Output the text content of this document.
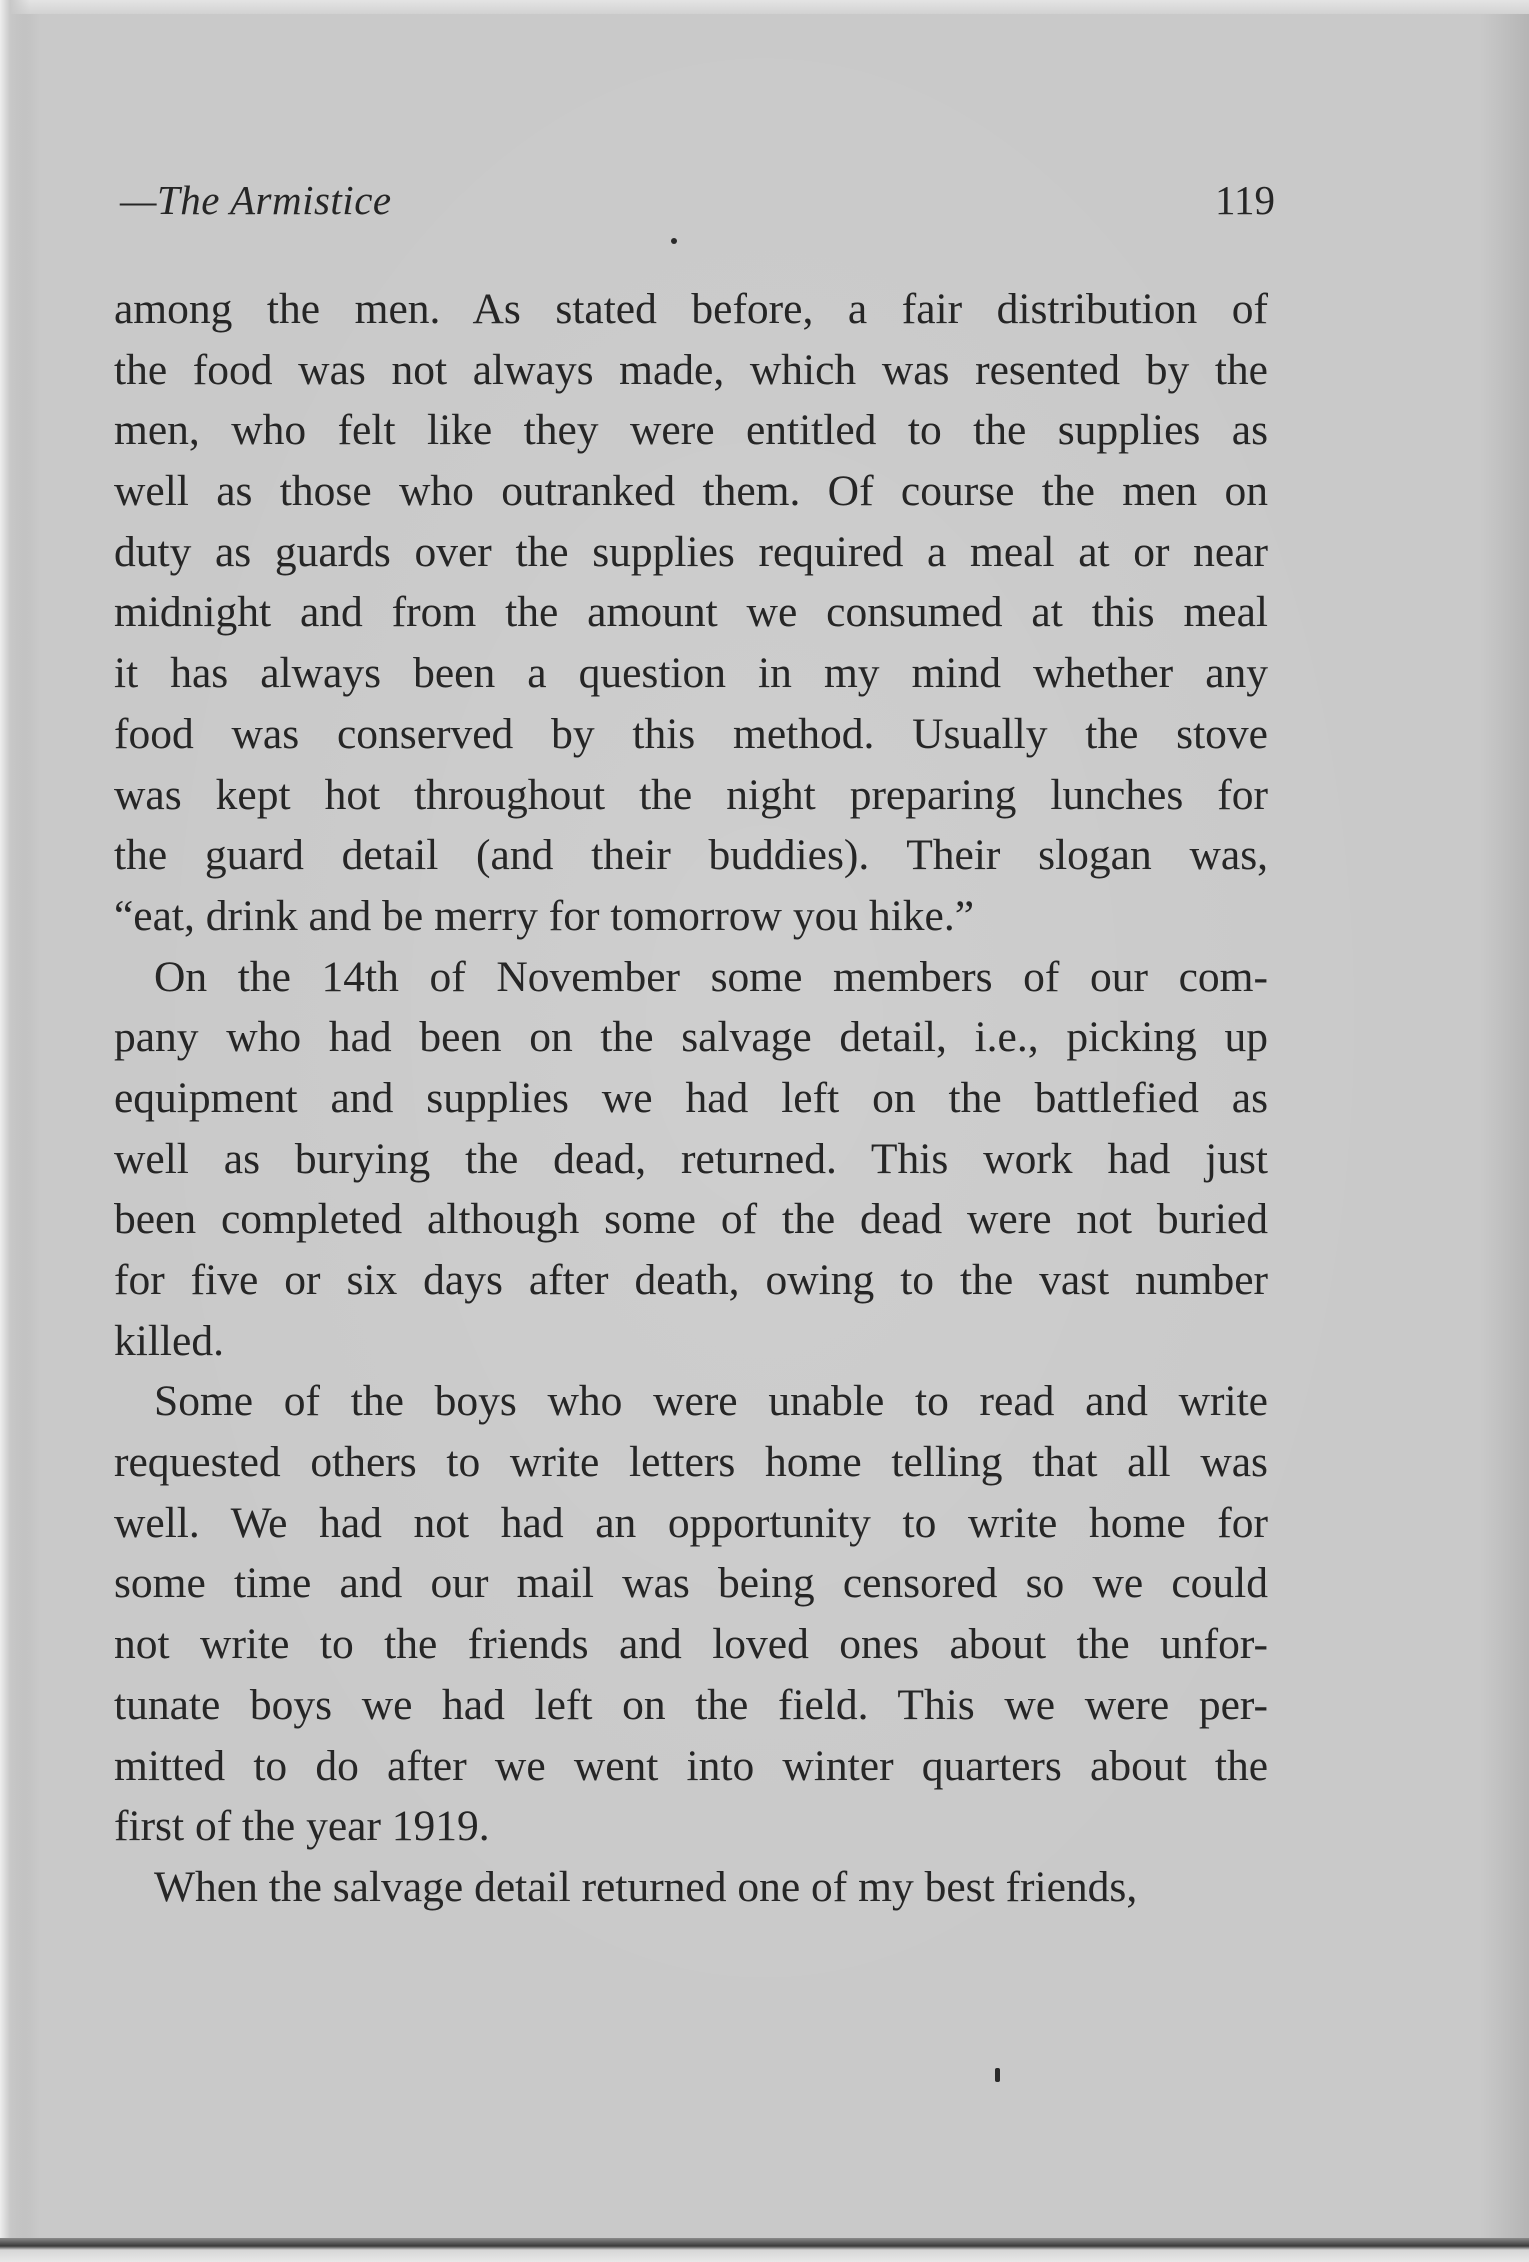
—The Armistice	119
among the men. As stated before, a fair distribution of
the food was not always made, which was resented by the
men, who felt like they were entitled to the supplies as
well as those who outranked them. Of course the men on
duty as guards over the supplies required a meal at or near
midnight and from the amount we consumed at this meal
it has always been a question in my mind whether any
food was conserved by this method. Usually the stove
was kept hot throughout the night preparing lunches for
the guard detail (and their buddies). Their slogan was,
“eat, drink and be merry for tomorrow you hike.”
On the 14th of November some members of our com-
pany who had been on the salvage detail, i.e., picking up
equipment and supplies we had left on the battlefied as
well as burying the dead, returned. This work had just
been completed although some of the dead were not buried
for five or six days after death, owing to the vast number
killed.
Some of the boys who were unable to read and write
requested others to write letters home telling that all was
well. We had not had an opportunity to write home for
some time and our mail was being censored so we could
not write to the friends and loved ones about the unfor-
tunate boys we had left on the field. This we were per-
mitted to do after we went into winter quarters about the
first of the year 1919.
When the salvage detail returned one of my best friends,
